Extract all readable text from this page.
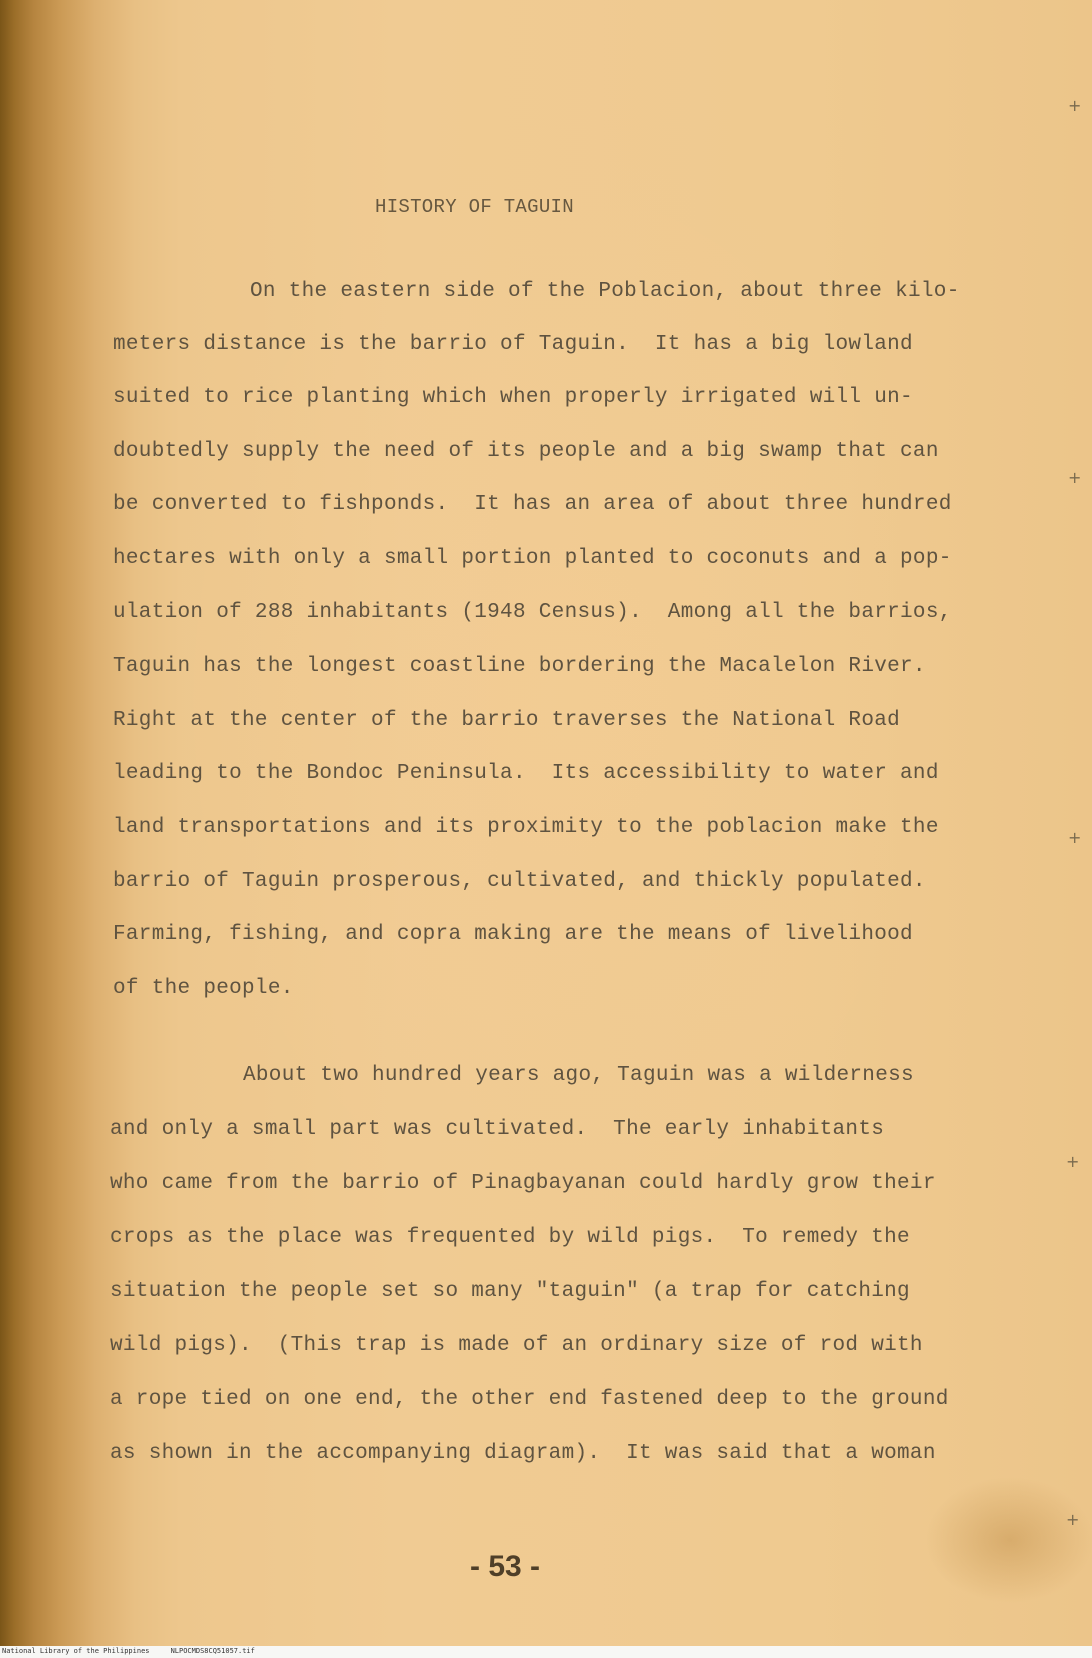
HISTORY OF TAGUIN
On the eastern side of the Poblacion, about three kilo-
meters distance is the barrio of Taguin.  It has a big lowland
suited to rice planting which when properly irrigated will un-
doubtedly supply the need of its people and a big swamp that can
be converted to fishponds.  It has an area of about three hundred
hectares with only a small portion planted to coconuts and a pop-
ulation of 288 inhabitants (1948 Census).  Among all the barrios,
Taguin has the longest coastline bordering the Macalelon River.
Right at the center of the barrio traverses the National Road
leading to the Bondoc Peninsula.  Its accessibility to water and
land transportations and its proximity to the poblacion make the
barrio of Taguin prosperous, cultivated, and thickly populated.
Farming, fishing, and copra making are the means of livelihood
of the people.
About two hundred years ago, Taguin was a wilderness
and only a small part was cultivated.  The early inhabitants
who came from the barrio of Pinagbayanan could hardly grow their
crops as the place was frequented by wild pigs.  To remedy the
situation the people set so many "taguin" (a trap for catching
wild pigs).  (This trap is made of an ordinary size of rod with
a rope tied on one end, the other end fastened deep to the ground
as shown in the accompanying diagram).  It was said that a woman
- 53 -
+
+
+
+
+
National Library of the Philippines     NLPOCMDS8CQ51057.tif
